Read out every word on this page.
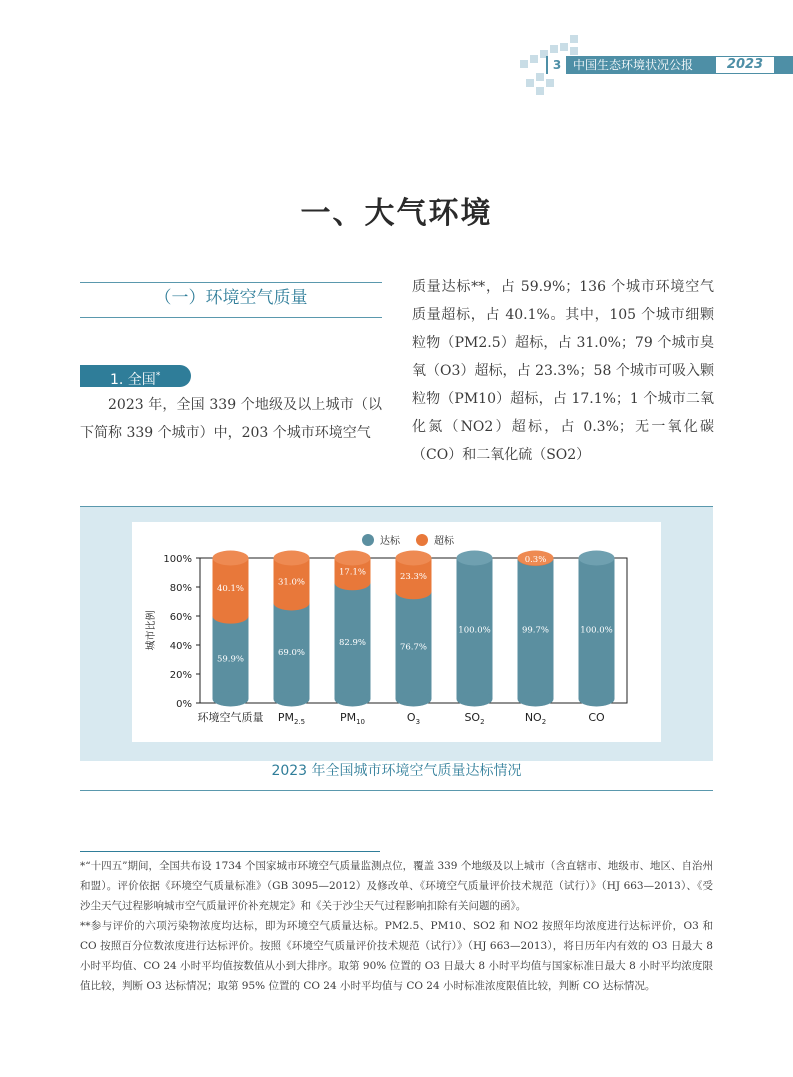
3 中国生态环境状况公报	2023
一、大气环境
（一）环境空气质量
1. 全国*
2023 年，全国 339 个地级及以上城市（以下简称 339 个城市）中，203 个城市环境空气
质量达标**，占 59.9%；136 个城市环境空气质量超标，占 40.1%。其中，105 个城市细颗粒物（PM2.5）超标，占 31.0%；79 个城市臭氧（O3）超标，占 23.3%；58 个城市可吸入颗粒物（PM10）超标，占 17.1%；1 个城市二氧化氮（NO2）超标，占 0.3%；无一氧化碳（CO）和二氧化硫（SO2）
0%
20%
40%
60%
80%
100%
城市比例
达标	超标
59.9%
40.1%
环境空气质量
69.0%
31.0%
$PM_{2.5}$
82.9%
17.1%
$PM_{10}$
76.7%
23.3%
$O_3$
100.0%
$SO_2$
99.7%
0.3%
$NO_2$
100.0%
CO
2023 年全国城市环境空气质量达标情况

*“十四五”期间，全国共布设 1734 个国家城市环境空气质量监测点位，覆盖 339 个地级及以上城市（含直辖市、地级市、地区、自治州和盟）。评价依据《环境空气质量标准》（GB 3095—2012）及修改单、《环境空气质量评价技术规范（试行）》（HJ 663—2013）、《受沙尘天气过程影响城市空气质量评价补充规定》和《关于沙尘天气过程影响扣除有关问题的函》。

**参与评价的六项污染物浓度均达标，即为环境空气质量达标。PM2.5、PM10、SO2 和 NO2 按照年均浓度进行达标评价，O3 和 CO 按照百分位数浓度进行达标评价。按照《环境空气质量评价技术规范（试行）》（HJ 663—2013），将日历年内有效的 O3 日最大 8 小时平均值、CO 24 小时平均值按数值从小到大排序。取第 90% 位置的 O3 日最大 8 小时平均值与国家标准日最大 8 小时平均浓度限值比较，判断 O3 达标情况；取第 95% 位置的 CO 24 小时平均值与 CO 24 小时标准浓度限值比较，判断 CO 达标情况。
